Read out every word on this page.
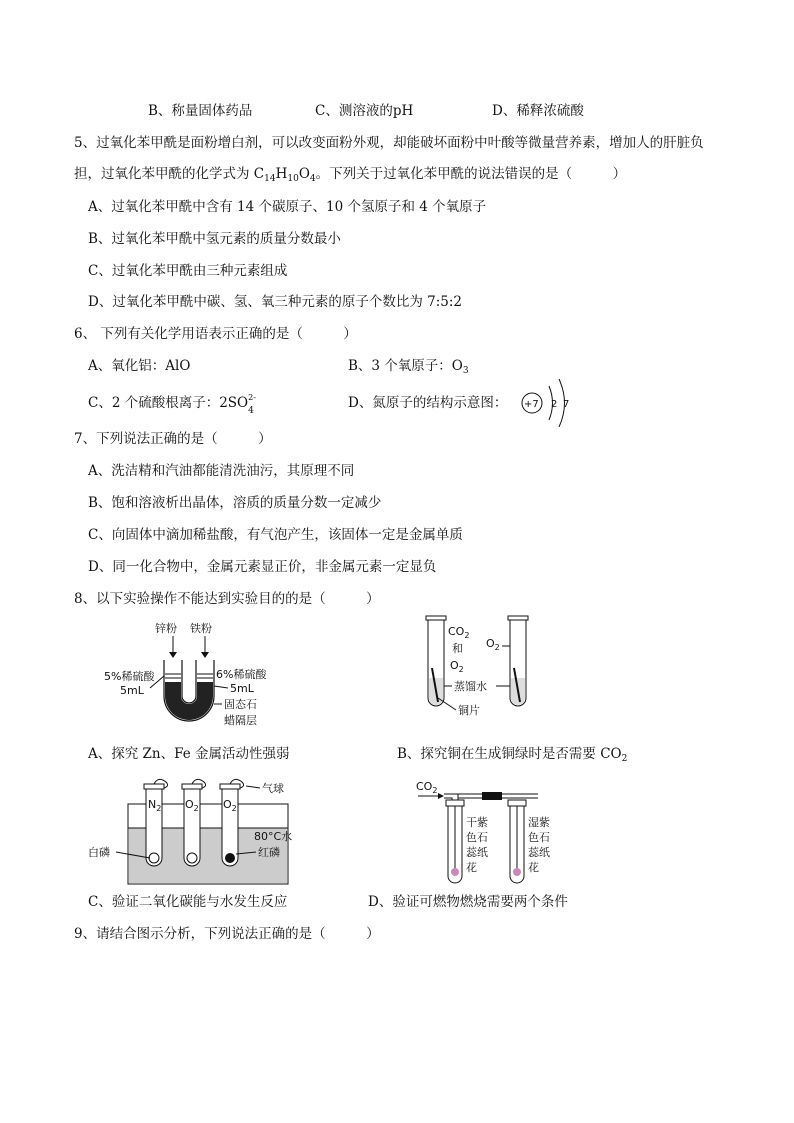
B、称量固体药品	C、测溶液的pH	D、稀释浓硫酸
5、过氧化苯甲酰是面粉增白剂，可以改变面粉外观，却能破坏面粉中叶酸等微量营养素，增加人的肝脏负
担，过氧化苯甲酰的化学式为 $C_{14}H_{10}O_4$。下列关于过氧化苯甲酰的说法错误的是（　　　）
A、过氧化苯甲酰中含有 14 个碳原子、10 个氢原子和 4 个氧原子
B、过氧化苯甲酰中氢元素的质量分数最小
C、过氧化苯甲酰由三种元素组成
D、过氧化苯甲酰中碳、氢、氧三种元素的原子个数比为 7:5:2
6、 下列有关化学用语表示正确的是（　　　）
A、氧化铝：AlO	B、3 个氧原子：$O_3$
C、2 个硫酸根离子：2SO 2-
4	D、氮原子的结构示意图： +7 2 7
7、下列说法正确的是（　　　）
A、洗洁精和汽油都能清洗油污，其原理不同
B、饱和溶液析出晶体，溶质的质量分数一定减少
C、向固体中滴加稀盐酸，有气泡产生，该固体一定是金属单质
D、同一化合物中，金属元素显正价，非金属元素一定显负
8、以下实验操作不能达到实验目的的是（　　　）
锌粉 铁粉
5%稀硫酸
5mL
6%稀硫酸
5mL
固态石
蜡隔层
$CO_2$
和
$O_2$
$O_2$
蒸馏水
铜片
A、探究 Zn、Fe 金属活动性强弱	B、探究铜在生成铜绿时是否需要 $CO_2$
$N_2$ $O_2$ $O_2$
气球
白磷
80°C水
红磷
$CO_2$
干紫
色石
蕊纸
花
湿紫
色石
蕊纸
花
C、验证二氧化碳能与水发生反应	D、验证可燃物燃烧需要两个条件
9、请结合图示分析，下列说法正确的是（　　　）
